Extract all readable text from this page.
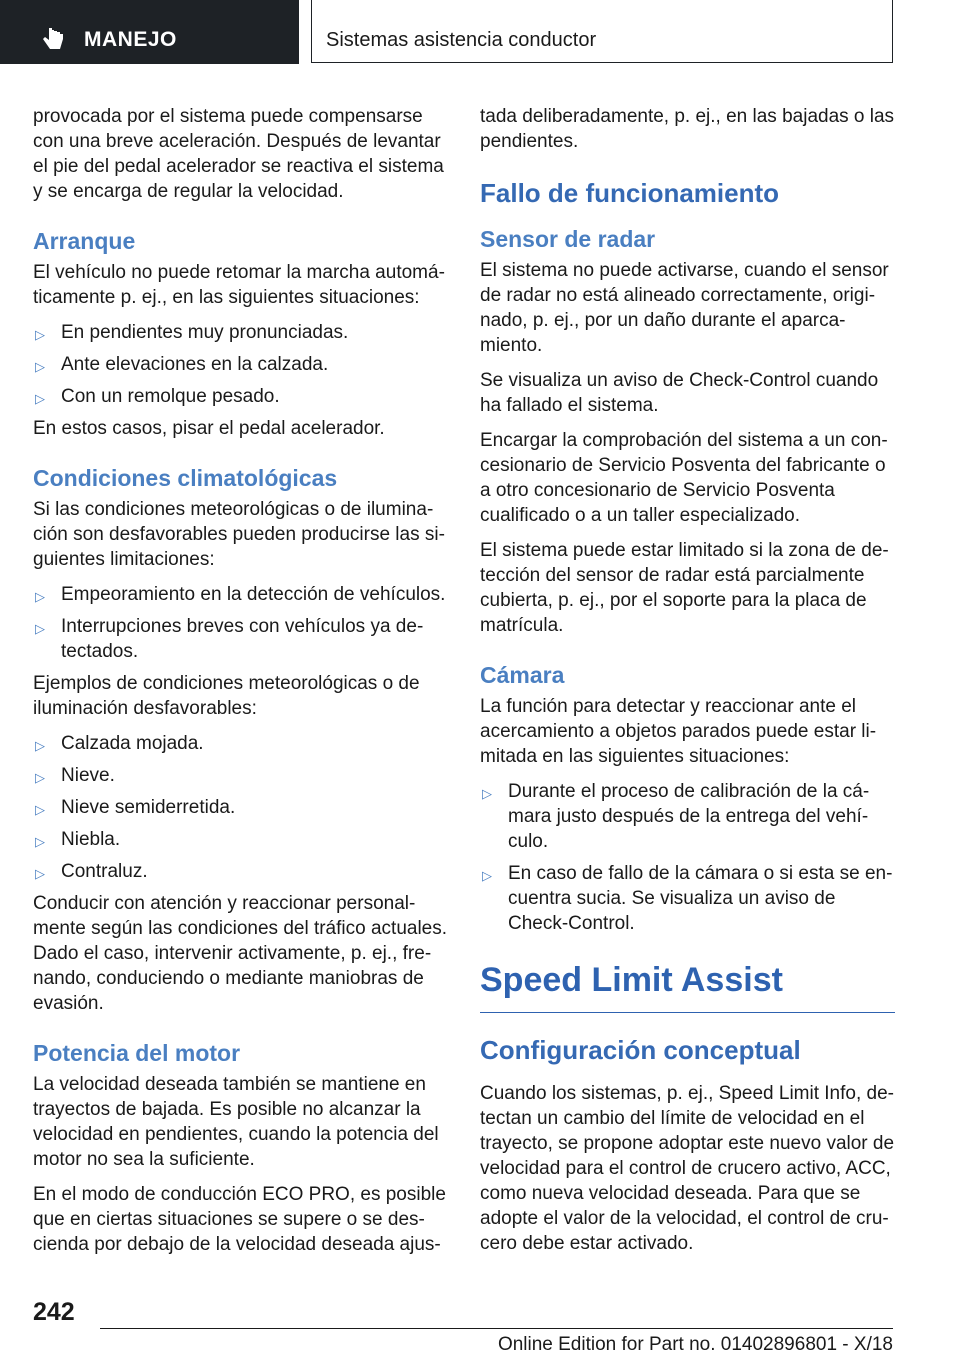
MANEJO	Sistemas asistencia conductor

provocada por el sistema puede compensarse con una breve aceleración. Después de levantar el pie del pedal acelerador se reactiva el sistema y se encarga de regular la velocidad.

Arranque

El vehículo no puede retomar la marcha automáticamente p. ej., en las siguientes situaciones:

▷ En pendientes muy pronunciadas.
▷ Ante elevaciones en la calzada.
▷ Con un remolque pesado.

En estos casos, pisar el pedal acelerador.

Condiciones climatológicas

Si las condiciones meteorológicas o de iluminación son desfavorables pueden producirse las siguientes limitaciones:

▷ Empeoramiento en la detección de vehículos.
▷ Interrupciones breves con vehículos ya detectados.

Ejemplos de condiciones meteorológicas o de iluminación desfavorables:

▷ Calzada mojada.
▷ Nieve.
▷ Nieve semiderretida.
▷ Niebla.
▷ Contraluz.

Conducir con atención y reaccionar personalmente según las condiciones del tráfico actuales. Dado el caso, intervenir activamente, p. ej., frenando, conduciendo o mediante maniobras de evasión.

Potencia del motor

La velocidad deseada también se mantiene en trayectos de bajada. Es posible no alcanzar la velocidad en pendientes, cuando la potencia del motor no sea la suficiente.

En el modo de conducción ECO PRO, es posible que en ciertas situaciones se supere o se descienda por debajo de la velocidad deseada ajus-

tada deliberadamente, p. ej., en las bajadas o las pendientes.

Fallo de funcionamiento
Sensor de radar

El sistema no puede activarse, cuando el sensor de radar no está alineado correctamente, originado, p. ej., por un daño durante el aparcamiento.

Se visualiza un aviso de Check-Control cuando ha fallado el sistema.

Encargar la comprobación del sistema a un concesionario de Servicio Posventa del fabricante o a otro concesionario de Servicio Posventa cualificado o a un taller especializado.

El sistema puede estar limitado si la zona de detección del sensor de radar está parcialmente cubierta, p. ej., por el soporte para la placa de matrícula.

Cámara

La función para detectar y reaccionar ante el acercamiento a objetos parados puede estar limitada en las siguientes situaciones:

▷ Durante el proceso de calibración de la cámara justo después de la entrega del vehículo.
▷ En caso de fallo de la cámara o si esta se encuentra sucia. Se visualiza un aviso de Check-Control.
Speed Limit Assist
Configuración conceptual

Cuando los sistemas, p. ej., Speed Limit Info, detectan un cambio del límite de velocidad en el trayecto, se propone adoptar este nuevo valor de velocidad para el control de crucero activo, ACC, como nueva velocidad deseada. Para que se adopte el valor de la velocidad, el control de crucero debe estar activado.

242
Online Edition for Part no. 01402896801 - X/18
